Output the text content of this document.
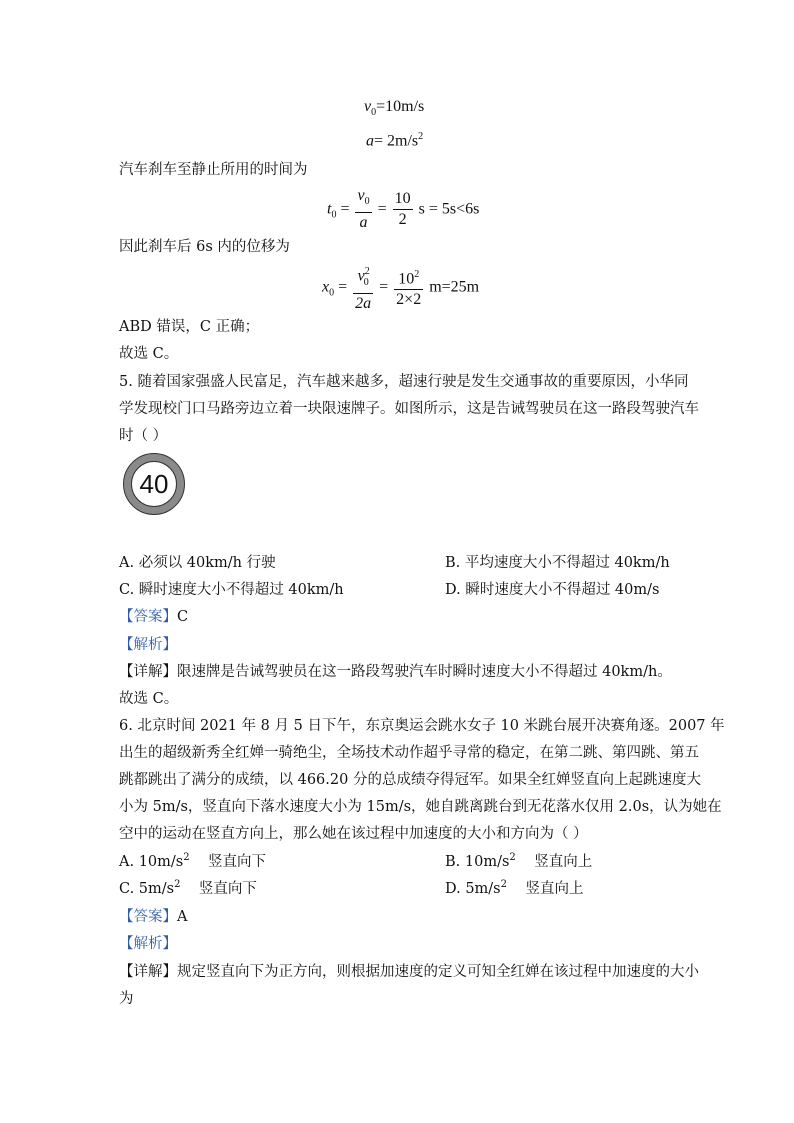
$v_0=10m/s$
$a= 2m/s^2$
汽车刹车至静止所用的时间为
$t_0 = \frac{v_0}{a} = \frac{10}{2}$ s = 5s<6s
因此刹车后 6s 内的位移为
$x_0 = \frac{v^2_0}{2a} = \frac{10^2}{2\times 2} m=25m$
ABD 错误，C 正确；
故选 C。
5. 随着国家强盛人民富足，汽车越来越多，超速行驶是发生交通事故的重要原因，小华同
学发现校门口马路旁边立着一块限速牌子。如图所示，这是告诫驾驶员在这一路段驾驶汽车
时（ ）
40
A. 必须以 40km/h 行驶	B. 平均速度大小不得超过 40km/h
C. 瞬时速度大小不得超过 40km/h	D. 瞬时速度大小不得超过 40m/s
【答案】C
【解析】
【详解】限速牌是告诫驾驶员在这一路段驾驶汽车时瞬时速度大小不得超过 40km/h。
故选 C。
6. 北京时间 2021 年 8 月 5 日下午，东京奥运会跳水女子 10 米跳台展开决赛角逐。2007 年
出生的超级新秀全红婵一骑绝尘，全场技术动作超乎寻常的稳定，在第二跳、第四跳、第五
跳都跳出了满分的成绩，以 466.20 分的总成绩夺得冠军。如果全红婵竖直向上起跳速度大
小为 5m/s，竖直向下落水速度大小为 15m/s，她自跳离跳台到无花落水仅用 2.0s，认为她在
空中的运动在竖直方向上，那么她在该过程中加速度的大小和方向为（ ）
A. $10m/s^2$    竖直向下	B. $10m/s^2$    竖直向上
C. $5m/s^2$    竖直向下	D. $5m/s^2$    竖直向上
【答案】A
【解析】
【详解】规定竖直向下为正方向，则根据加速度的定义可知全红婵在该过程中加速度的大小
为
